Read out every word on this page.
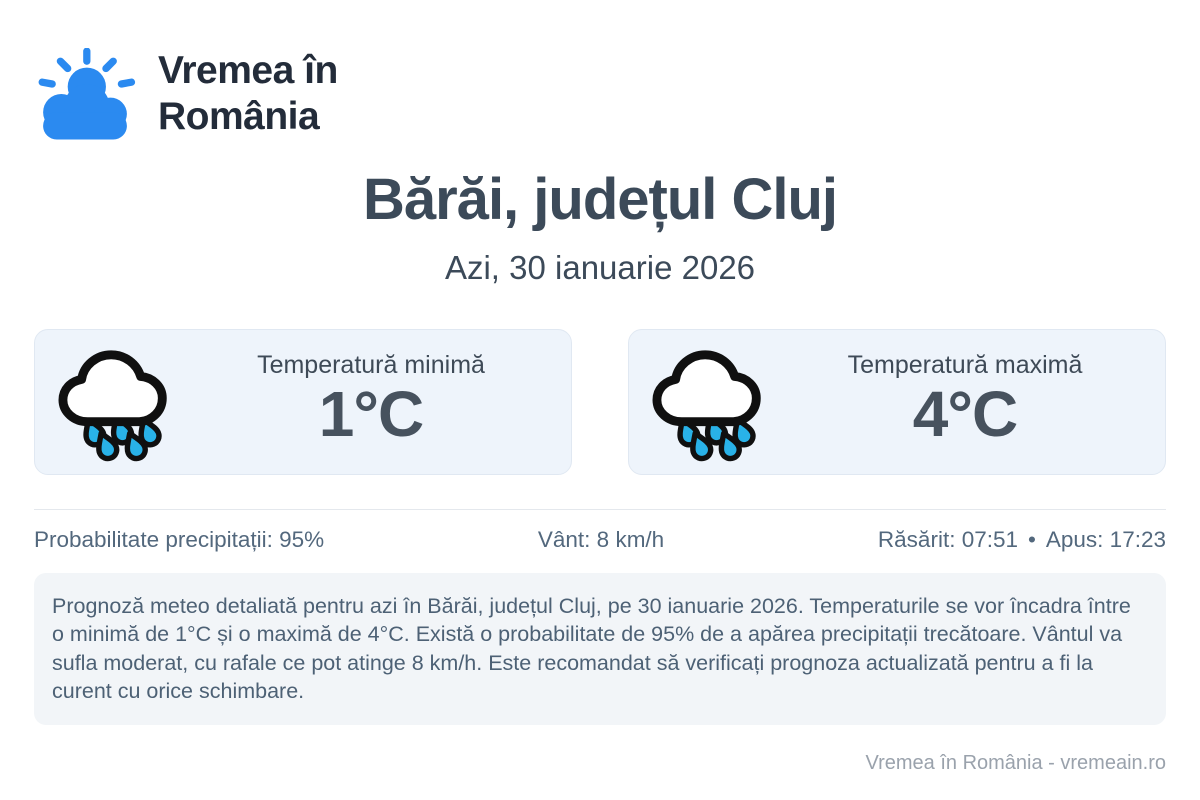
Vremea în
România
Bărăi, județul Cluj
Azi, 30 ianuarie 2026
Temperatură minimă
1°C
Temperatură maximă
4°C
Probabilitate precipitații: 95%	Vânt: 8 km/h	Răsărit: 07:51 • Apus: 17:23
Prognoză meteo detaliată pentru azi în Bărăi, județul Cluj, pe 30 ianuarie 2026. Temperaturile se vor încadra între o minimă de 1°C și o maximă de 4°C. Există o probabilitate de 95% de a apărea precipitații trecătoare. Vântul va sufla moderat, cu rafale ce pot atinge 8 km/h. Este recomandat să verificați prognoza actualizată pentru a fi la curent cu orice schimbare.
Vremea în România - vremeain.ro
